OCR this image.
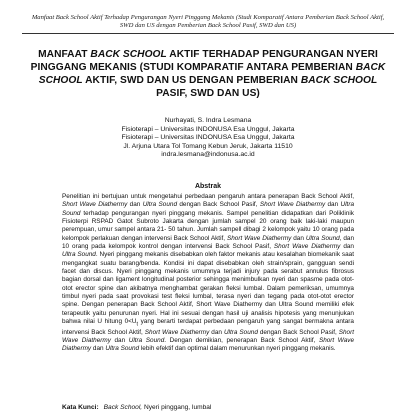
Manfaat Back School Aktif Terhadap Pengurangan Nyeri Pinggang Mekanis (Studi Komparatif Antara Pemberian Back School Aktif,
SWD dan US dengan Pemberian Back School Pasif, SWD dan US)
MANFAAT BACK SCHOOL AKTIF TERHADAP PENGURANGAN NYERI PINGGANG MEKANIS (STUDI KOMPARATIF ANTARA PEMBERIAN BACK SCHOOL AKTIF, SWD DAN US DENGAN PEMBERIAN BACK SCHOOL PASIF, SWD DAN US)
Nurhayati, S. Indra Lesmana
Fisioterapi – Universitas INDONUSA Esa Unggul, Jakarta
Fisioterapi – Universitas INDONUSA Esa Unggul, Jakarta
Jl. Arjuna Utara Tol Tomang Kebun Jeruk, Jakarta 11510
indra.lesmana@indonusa.ac.id
Abstrak

Penelitian ini bertujuan untuk mengetahui perbedaan pengaruh antara penerapan Back School Aktif, Short Wave Diathermy dan Ultra Sound dengan Back School Pasif, Short Wave Diathermy dan Ultra Sound terhadap pengurangan nyeri pinggang mekanis. Sampel penelitian didapatkan dari Poliklinik Fisioterpi RSPAD Gatot Subroto Jakarta dengan jumlah sampel 20 orang baik laki-laki maupun perempuan, umur sampel antara 21- 50 tahun. Jumlah sampell dibagi 2 kelompok yaitu 10 orang pada kelompok perlakuan dengan intervensi Back School Aktif, Short Wave Diathermy dan Ultra Sound, dan 10 orang pada kelompok kontrol dengan intervensi Back School Pasif, Short Wave Diathermy dan Ultra Sound. Nyeri pinggang mekanis disebabkan oleh faktor mekanis atau kesalahan biomekanik saat mengangkat suatu barang/benda. Kondisi ini dapat disebabkan oleh strain/sprain, gangguan sendi facet dan discus. Nyeri pinggang mekanis umumnya terjadi injury pada serabut annulus fibrosus bagian dorsal dan ligament longitudinal posterior sehingga menimbulkan nyeri dan spasme pada otot-otot erector spine dan akibatnya menghambat gerakan fleksi lumbal. Dalam pemeriksan, umumnya timbul nyeri pada saat provokasi test fleksi lumbal, terasa nyeri dan tegang pada otot-otot erector spine. Dengan penerapan Back School Aktif, Short Wave Diathermy dan Ultra Sound memiliki efek terapeutik yaitu penurunan nyeri. Hal ini sesuai dengan hasil uji analisis hipotesis yang menunjukan bahwa nilai U hitung $0<U_t$ yang berarti terdapat perbedaan pengaruh yang sangat bermakna antara intervensi Back School Aktif, Short Wave Diathermy dan Ultra Sound dengan Back School Pasif, Short Wave Diathermy dan Ultra Sound. Dengan demikian, penerapan Back School Aktif, Short Wave Diathermy dan Ultra Sound lebih efektif dan optimal dalam menurunkan nyeri pinggang mekanis.

Kata Kunci: Back School, Nyeri pinggang, lumbal
